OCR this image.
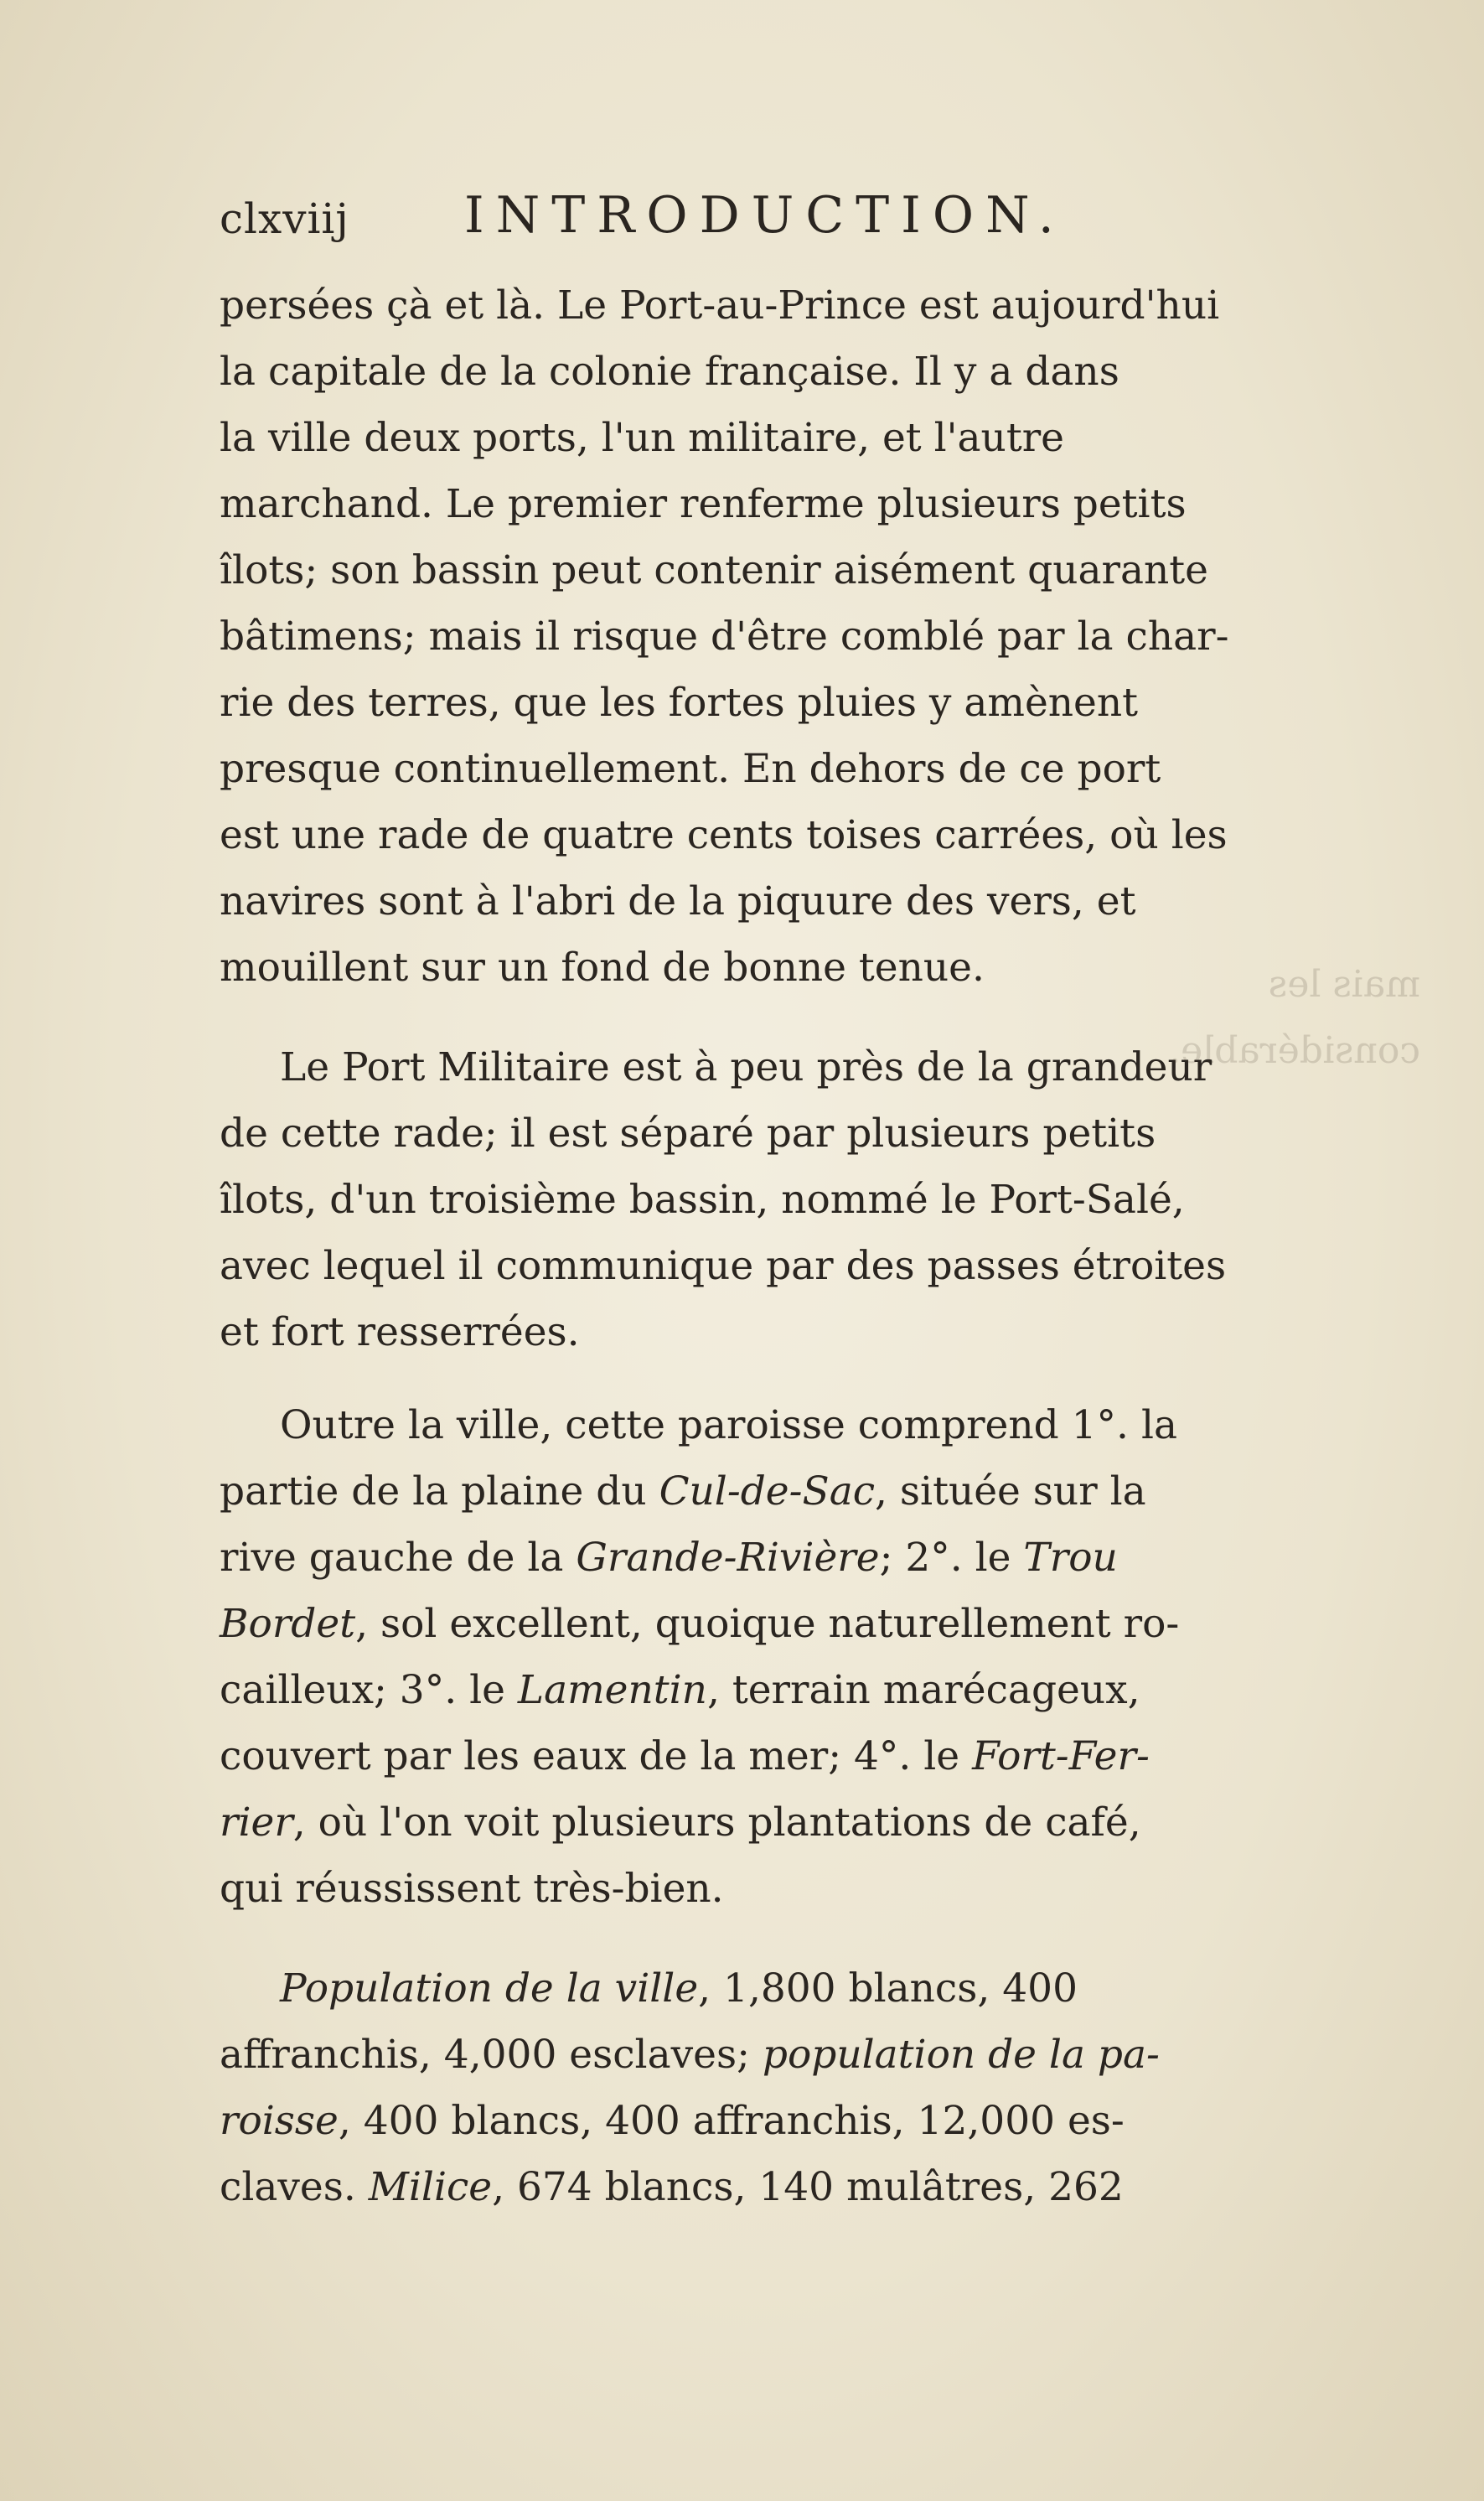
clxviij INTRODUCTION.

persées çà et là. Le Port-au-Prince est aujourd'hui
la capitale de la colonie française. Il y a dans
la ville deux ports, l'un militaire, et l'autre
marchand. Le premier renferme plusieurs petits
îlots; son bassin peut contenir aisément quarante
bâtimens; mais il risque d'être comblé par la char-
rie des terres, que les fortes pluies y amènent
presque continuellement. En dehors de ce port
est une rade de quatre cents toises carrées, où les
navires sont à l'abri de la piquure des vers, et
mouillent sur un fond de bonne tenue.

Le Port Militaire est à peu près de la grandeur
de cette rade; il est séparé par plusieurs petits
îlots, d'un troisième bassin, nommé le Port-Salé,
avec lequel il communique par des passes étroites
et fort resserrées.

Outre la ville, cette paroisse comprend 1°. la
partie de la plaine du Cul-de-Sac, située sur la
rive gauche de la Grande-Rivière; 2°. le Trou
Bordet, sol excellent, quoique naturellement ro-
cailleux; 3°. le Lamentin, terrain marécageux,
couvert par les eaux de la mer; 4°. le Fort-Fer-
rier, où l'on voit plusieurs plantations de café,
qui réussissent très-bien.

Population de la ville, 1,800 blancs, 400
affranchis, 4,000 esclaves; population de la pa-
roisse, 400 blancs, 400 affranchis, 12,000 es-
claves. Milice, 674 blancs, 140 mulâtres, 262

mais les
considérable.
